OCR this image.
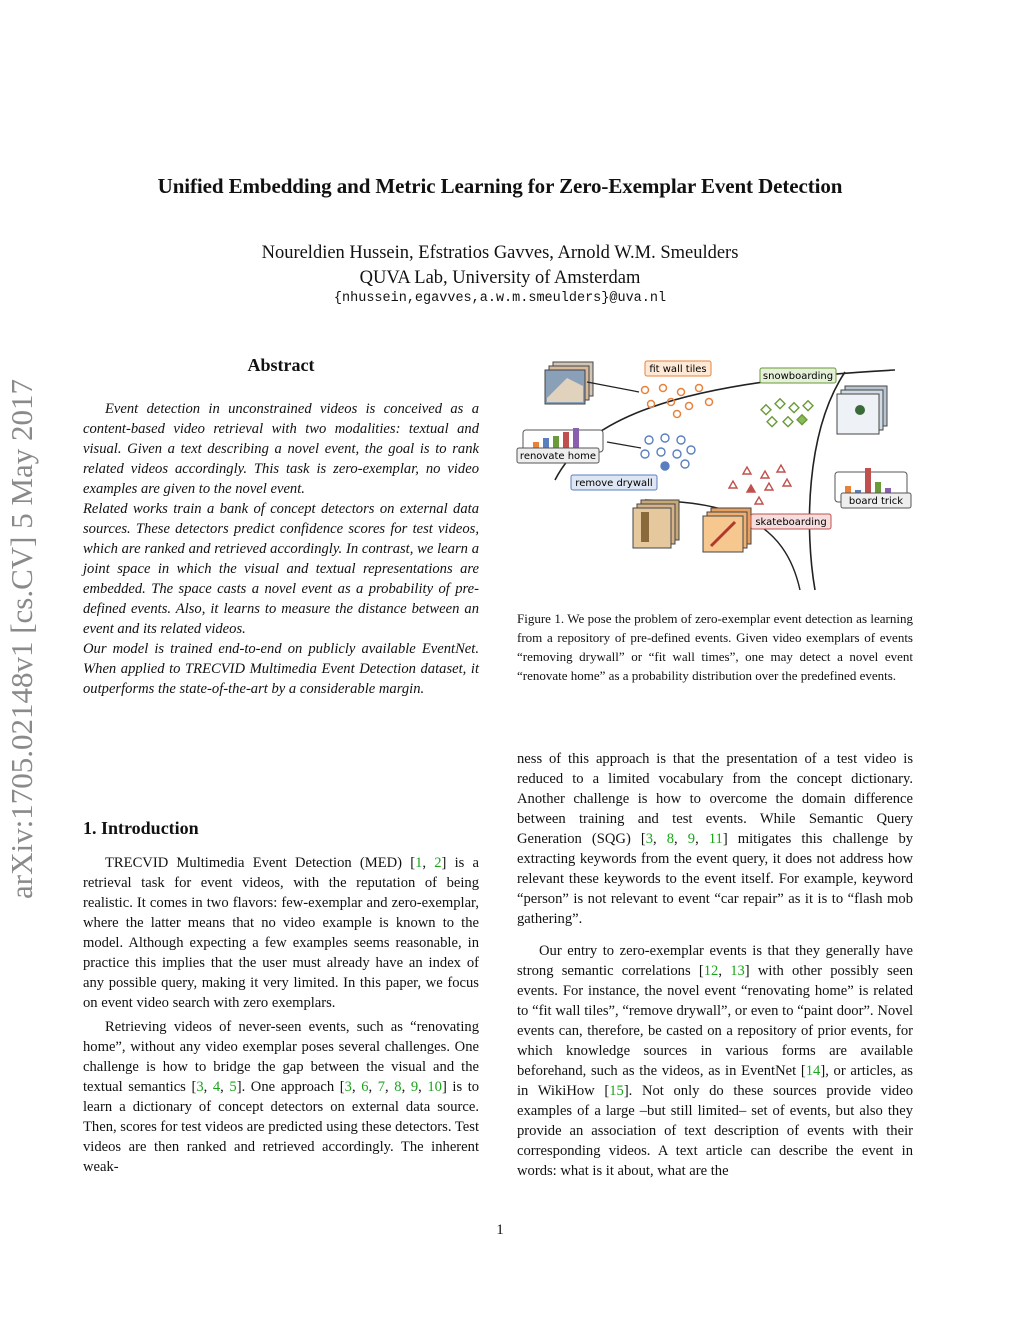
Unified Embedding and Metric Learning for Zero-Exemplar Event Detection
Noureldien Hussein, Efstratios Gavves, Arnold W.M. Smeulders
QUVA Lab, University of Amsterdam
{nhussein,egavves,a.w.m.smeulders}@uva.nl
arXiv:1705.02148v1 [cs.CV] 5 May 2017
Abstract

Event detection in unconstrained videos is conceived as a content-based video retrieval with two modalities: textual and visual. Given a text describing a novel event, the goal is to rank related videos accordingly. This task is zero-exemplar, no video examples are given to the novel event.

Related works train a bank of concept detectors on external data sources. These detectors predict confidence scores for test videos, which are ranked and retrieved accordingly. In contrast, we learn a joint space in which the visual and textual representations are embedded. The space casts a novel event as a probability of pre-defined events. Also, it learns to measure the distance between an event and its related videos.

Our model is trained end-to-end on publicly available EventNet. When applied to TRECVID Multimedia Event Detection dataset, it outperforms the state-of-the-art by a considerable margin.

1. Introduction

TRECVID Multimedia Event Detection (MED) [1, 2] is a retrieval task for event videos, with the reputation of being realistic. It comes in two flavors: few-exemplar and zero-exemplar, where the latter means that no video example is known to the model. Although expecting a few examples seems reasonable, in practice this implies that the user must already have an index of any possible query, making it very limited. In this paper, we focus on event video search with zero exemplars.

Retrieving videos of never-seen events, such as “renovating home”, without any video exemplar poses several challenges. One challenge is how to bridge the gap between the visual and the textual semantics [3, 4, 5]. One approach [3, 6, 7, 8, 9, 10] is to learn a dictionary of concept detectors on external data source. Then, scores for test videos are predicted using these detectors. Test videos are then ranked and retrieved accordingly. The inherent weak-

fit wall tiles
snowboarding
renovate home
remove drywall
skateboarding
board trick
Figure 1. We pose the problem of zero-exemplar event detection as learning from a repository of pre-defined events. Given video exemplars of events “removing drywall” or “fit wall times”, one may detect a novel event “renovate home” as a probability distribution over the predefined events.

ness of this approach is that the presentation of a test video is reduced to a limited vocabulary from the concept dictionary. Another challenge is how to overcome the domain difference between training and test events. While Semantic Query Generation (SQG) [3, 8, 9, 11] mitigates this challenge by extracting keywords from the event query, it does not address how relevant these keywords to the event itself. For example, keyword “person” is not relevant to event “car repair” as it is to “flash mob gathering”.

Our entry to zero-exemplar events is that they generally have strong semantic correlations [12, 13] with other possibly seen events. For instance, the novel event “renovating home” is related to “fit wall tiles”, “remove drywall”, or even to “paint door”. Novel events can, therefore, be casted on a repository of prior events, for which knowledge sources in various forms are available beforehand, such as the videos, as in EventNet [14], or articles, as in WikiHow [15]. Not only do these sources provide video examples of a large –but still limited– set of events, but also they provide an association of text description of events with their corresponding videos. A text article can describe the event in words: what is it about, what are the

1
